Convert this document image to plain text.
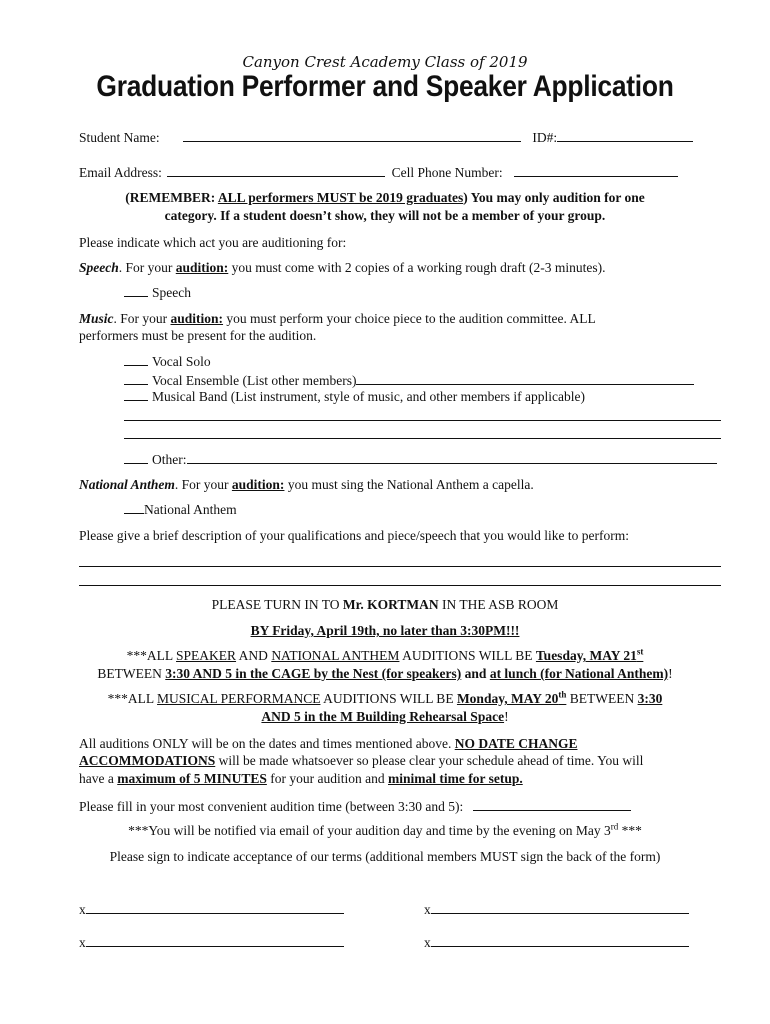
Canyon Crest Academy Class of 2019
Graduation Performer and Speaker Application
Student Name:	ID#:
Email Address:	Cell Phone Number:
(REMEMBER: ALL performers MUST be 2019 graduates) You may only audition for one
category. If a student doesn’t show, they will not be a member of your group.
Please indicate which act you are auditioning for:
Speech. For your audition: you must come with 2 copies of a working rough draft (2-3 minutes).
Speech
Music. For your audition: you must perform your choice piece to the audition committee. ALL
performers must be present for the audition.
Vocal Solo
Vocal Ensemble (List other members)
Musical Band (List instrument, style of music, and other members if applicable)
Other:
National Anthem. For your audition: you must sing the National Anthem a capella.
National Anthem
Please give a brief description of your qualifications and piece/speech that you would like to perform:
PLEASE TURN IN TO Mr. KORTMAN IN THE ASB ROOM
BY Friday, April 19th, no later than 3:30PM!!!
***ALL SPEAKER AND NATIONAL ANTHEM AUDITIONS WILL BE Tuesday, MAY 21st
BETWEEN 3:30 AND 5 in the CAGE by the Nest (for speakers) and at lunch (for National Anthem)!
***ALL MUSICAL PERFORMANCE AUDITIONS WILL BE Monday, MAY 20th BETWEEN 3:30
AND 5 in the M Building Rehearsal Space!
All auditions ONLY will be on the dates and times mentioned above. NO DATE CHANGE
ACCOMMODATIONS will be made whatsoever so please clear your schedule ahead of time. You will
have a maximum of 5 MINUTES for your audition and minimal time for setup.
Please fill in your most convenient audition time (between 3:30 and 5):
***You will be notified via email of your audition day and time by the evening on May 3rd ***
Please sign to indicate acceptance of our terms (additional members MUST sign the back of the form)
x	x
x	x
